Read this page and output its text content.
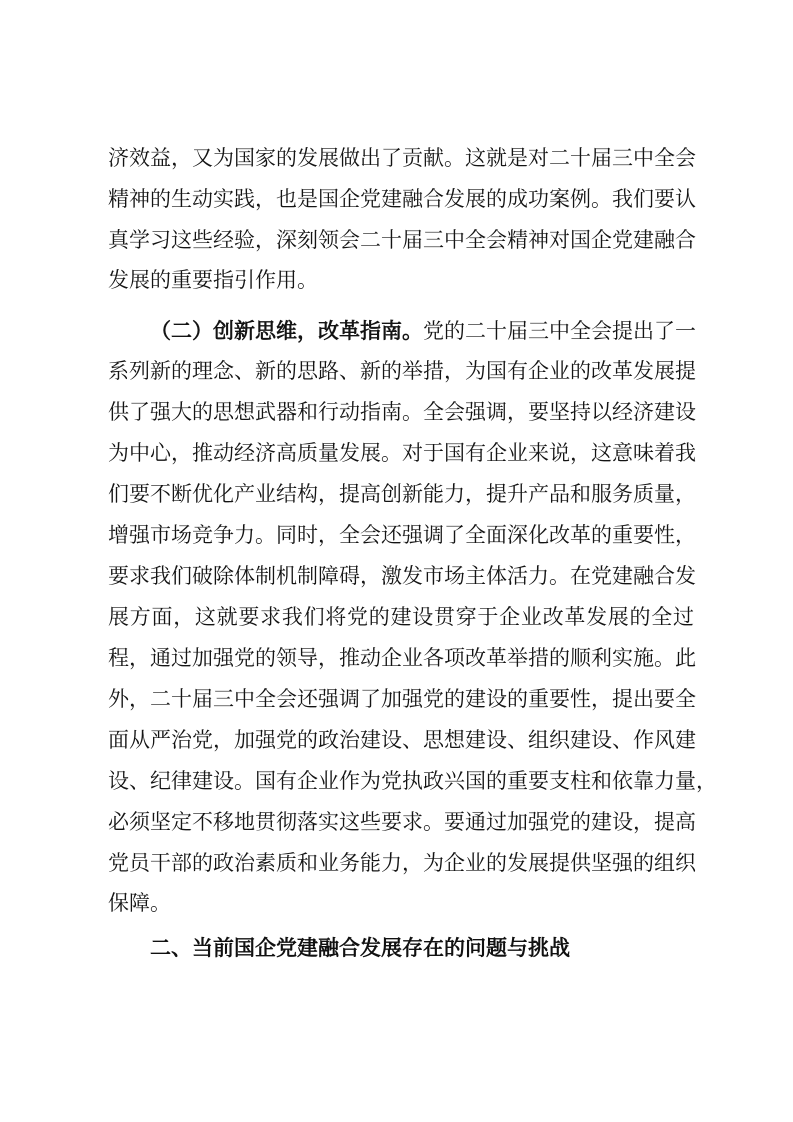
济效益，又为国家的发展做出了贡献。这就是对二十届三中全会
精神的生动实践，也是国企党建融合发展的成功案例。我们要认
真学习这些经验，深刻领会二十届三中全会精神对国企党建融合
发展的重要指引作用。
（二）创新思维，改革指南。党的二十届三中全会提出了一
系列新的理念、新的思路、新的举措，为国有企业的改革发展提
供了强大的思想武器和行动指南。全会强调，要坚持以经济建设
为中心，推动经济高质量发展。对于国有企业来说，这意味着我
们要不断优化产业结构，提高创新能力，提升产品和服务质量，
增强市场竞争力。同时，全会还强调了全面深化改革的重要性，
要求我们破除体制机制障碍，激发市场主体活力。在党建融合发
展方面，这就要求我们将党的建设贯穿于企业改革发展的全过
程，通过加强党的领导，推动企业各项改革举措的顺利实施。此
外，二十届三中全会还强调了加强党的建设的重要性，提出要全
面从严治党，加强党的政治建设、思想建设、组织建设、作风建
设、纪律建设。国有企业作为党执政兴国的重要支柱和依靠力量，
必须坚定不移地贯彻落实这些要求。要通过加强党的建设，提高
党员干部的政治素质和业务能力，为企业的发展提供坚强的组织
保障。
二、当前国企党建融合发展存在的问题与挑战
